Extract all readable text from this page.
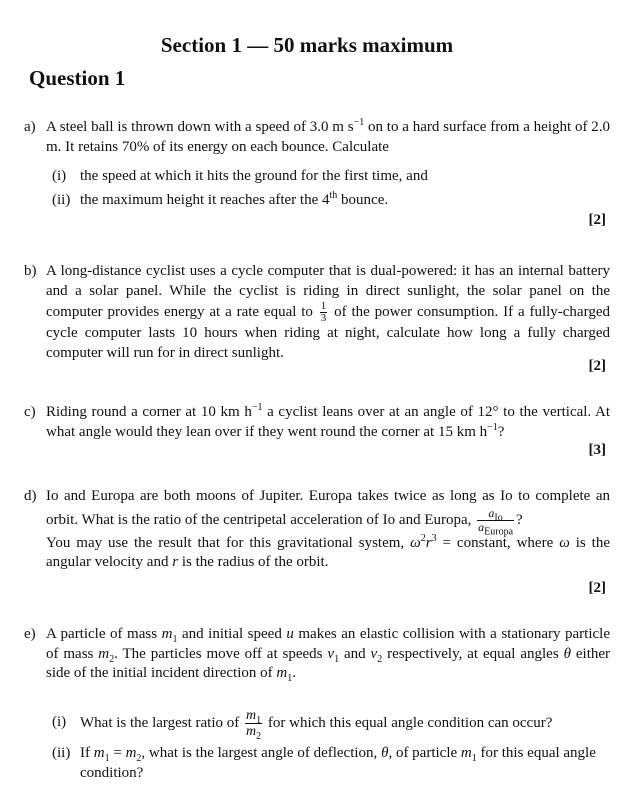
Section 1 — 50 marks maximum
Question 1
a) A steel ball is thrown down with a speed of 3.0 m $s^{-1}$ on to a hard surface from a height of 2.0 m. It retains 70% of its energy on each bounce. Calculate
(i) the speed at which it hits the ground for the first time, and
(ii) the maximum height it reaches after the 4th bounce.
[2]
b) A long-distance cyclist uses a cycle computer that is dual-powered: it has an internal battery and a solar panel. While the cyclist is riding in direct sunlight, the solar panel on the computer provides energy at a rate equal to $\frac{1}{3}$ of the power consumption. If a fully-charged cycle computer lasts 10 hours when riding at night, calculate how long a fully charged computer will run for in direct sunlight.
[2]
c) Riding round a corner at 10 km $h^{-1}$ a cyclist leans over at an angle of 12° to the vertical. At what angle would they lean over if they went round the corner at 15 km $h^{-1}$?
[3]
d) Io and Europa are both moons of Jupiter. Europa takes twice as long as Io to complete an orbit. What is the ratio of the centripetal acceleration of Io and Europa, $\frac{a_{Io}}{a_{Europa}}$ ?
You may use the result that for this gravitational system, $\omega^2r^3$ = constant, where ω is the angular velocity and r is the radius of the orbit.
[2]
e) A particle of mass $m_1$ and initial speed u makes an elastic collision with a stationary particle of mass $m_2$. The particles move off at speeds $v_1$ and $v_2$ respectively, at equal angles θ either side of the initial incident direction of $m_1$.
(i) What is the largest ratio of $\frac{m_1}{m_2}$ for which this equal angle condition can occur?
(ii) If $m_1 = m_2$, what is the largest angle of deflection, θ, of particle $m_1$ for this equal angle condition?
